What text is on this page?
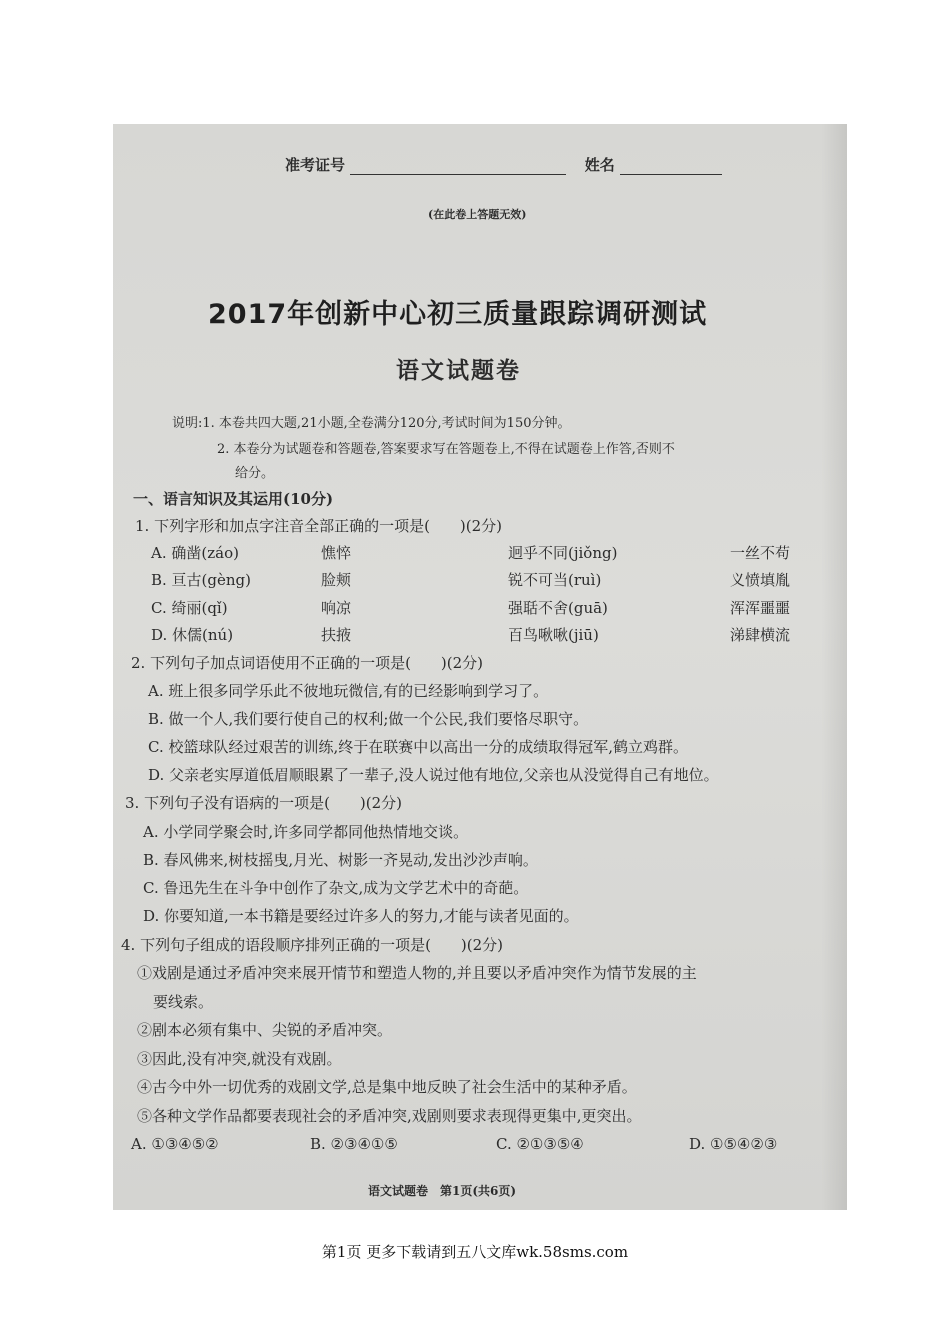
准考证号	姓名
(在此卷上答题无效)
2017年创新中心初三质量跟踪调研测试
语文试题卷
说明:1. 本卷共四大题,21小题,全卷满分120分,考试时间为150分钟。
2. 本卷分为试题卷和答题卷,答案要求写在答题卷上,不得在试题卷上作答,否则不
给分。
一、语言知识及其运用(10分)
1. 下列字形和加点字注音全部正确的一项是(　　)(2分)
A. 确凿(záo)	憔悴	迥乎不同(jiǒng)	一丝不苟
B. 亘古(gèng)	脸颊	锐不可当(ruì)	义愤填胤
C. 绮丽(qǐ)	响凉	强聒不舍(guā)	浑浑噩噩
D. 休儒(nú)	扶掖	百鸟啾啾(jiū)	涕肆横流
2. 下列句子加点词语使用不正确的一项是(　　)(2分)
A. 班上很多同学乐此不彼地玩微信,有的已经影响到学习了。
B. 做一个人,我们要行使自己的权利;做一个公民,我们要恪尽职守。
C. 校篮球队经过艰苦的训练,终于在联赛中以高出一分的成绩取得冠军,鹤立鸡群。
D. 父亲老实厚道低眉顺眼累了一辈子,没人说过他有地位,父亲也从没觉得自己有地位。
3. 下列句子没有语病的一项是(　　)(2分)
A. 小学同学聚会时,许多同学都同他热情地交谈。
B. 春风佛来,树枝摇曳,月光、树影一齐晃动,发出沙沙声响。
C. 鲁迅先生在斗争中创作了杂文,成为文学艺术中的奇葩。
D. 你要知道,一本书籍是要经过许多人的努力,才能与读者见面的。
4. 下列句子组成的语段顺序排列正确的一项是(　　)(2分)
①戏剧是通过矛盾冲突来展开情节和塑造人物的,并且要以矛盾冲突作为情节发展的主
要线索。
②剧本必须有集中、尖锐的矛盾冲突。
③因此,没有冲突,就没有戏剧。
④古今中外一切优秀的戏剧文学,总是集中地反映了社会生活中的某种矛盾。
⑤各种文学作品都要表现社会的矛盾冲突,戏剧则要求表现得更集中,更突出。
A. ①③④⑤②	B. ②③④①⑤	C. ②①③⑤④	D. ①⑤④②③
语文试题卷　第1页(共6页)
第1页 更多下载请到五八文库wk.58sms.com
